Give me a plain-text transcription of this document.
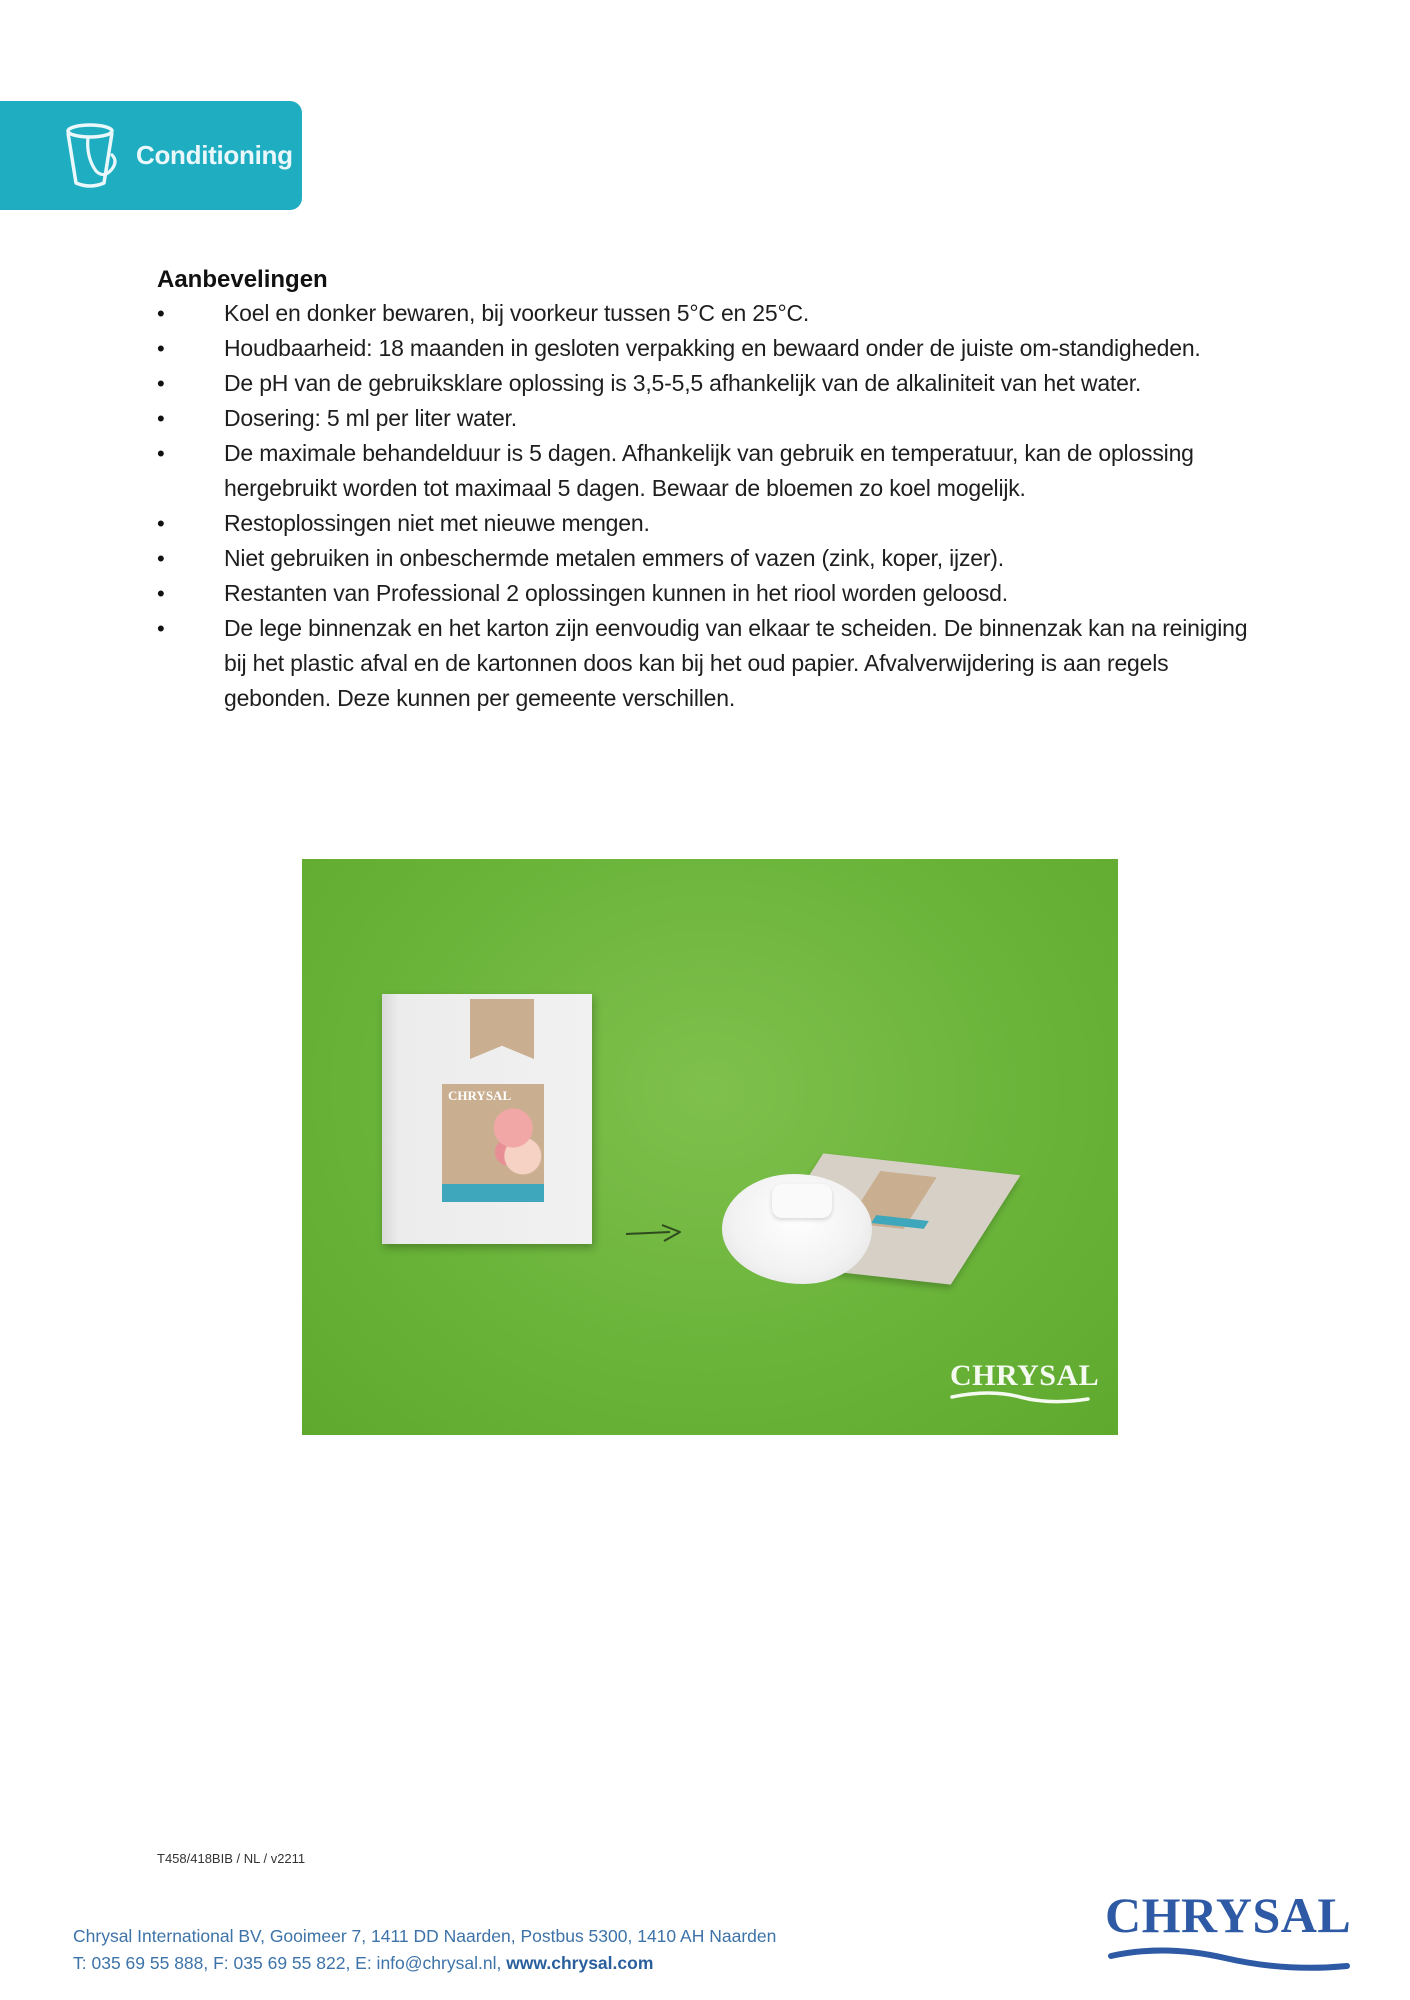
Conditioning
Aanbevelingen
•	Koel en donker bewaren, bij voorkeur tussen 5°C en 25°C.
•	Houdbaarheid: 18 maanden in gesloten verpakking en bewaard onder de juiste om-standigheden.
•	De pH van de gebruiksklare oplossing is 3,5-5,5 afhankelijk van de alkaliniteit van het water.
•	Dosering: 5 ml per liter water.
•	De maximale behandelduur is 5 dagen. Afhankelijk van gebruik en temperatuur, kan de oplossing hergebruikt worden tot maximaal 5 dagen. Bewaar de bloemen zo koel mogelijk.
•	Restoplossingen niet met nieuwe mengen.
•	Niet gebruiken in onbeschermde metalen emmers of vazen (zink, koper, ijzer).
•	Restanten van Professional 2 oplossingen kunnen in het riool worden geloosd.
•	De lege binnenzak en het karton zijn eenvoudig van elkaar te scheiden. De binnenzak kan na reiniging bij het plastic afval en de kartonnen doos kan bij het oud papier. Afvalverwijdering is aan regels gebonden. Deze kunnen per gemeente verschillen.
CHRYSAL
CHRYSAL
T458/418BIB / NL / v2211
Chrysal International BV, Gooimeer 7, 1411 DD Naarden, Postbus 5300, 1410 AH Naarden
T: 035 69 55 888, F: 035 69 55 822, E: info@chrysal.nl, www.chrysal.com
CHRYSAL
